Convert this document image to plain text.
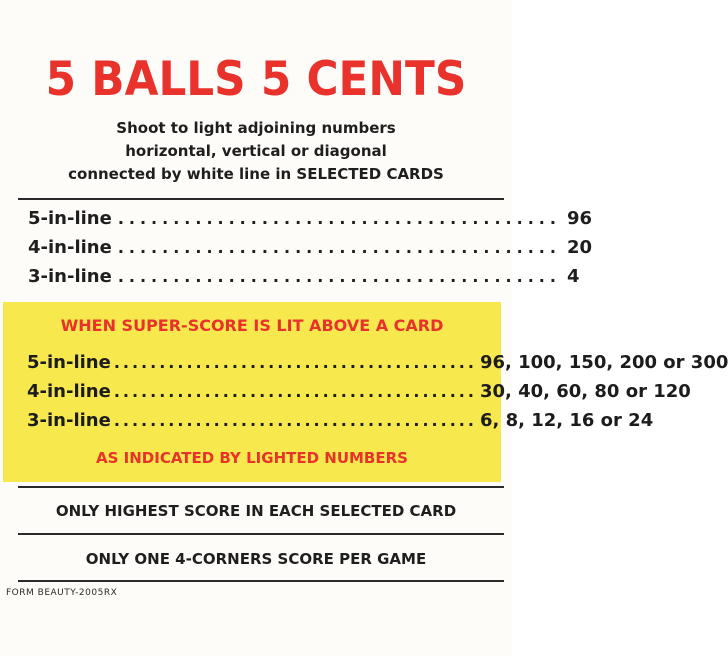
5 BALLS 5 CENTS
Shoot to light adjoining numbers
horizontal, vertical or diagonal
connected by white line in SELECTED CARDS
5-in-line ........................................ 96
4-in-line ........................................ 20
3-in-line ........................................ 4
WHEN SUPER-SCORE IS LIT ABOVE A CARD
5-in-line ........................................ 96, 100, 150, 200 or 300
4-in-line ........................................ 30, 40, 60, 80 or 120
3-in-line ........................................ 6, 8, 12, 16 or 24
AS INDICATED BY LIGHTED NUMBERS
ONLY HIGHEST SCORE IN EACH SELECTED CARD
ONLY ONE 4-CORNERS SCORE PER GAME
FORM BEAUTY-2005RX
